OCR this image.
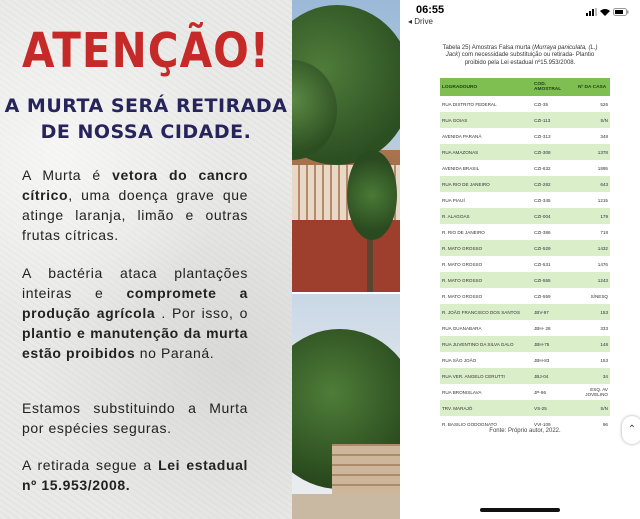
ATENÇÃO!
A MURTA SERÁ RETIRADA
DE NOSSA CIDADE.
A Murta é vetora do cancro cítrico, uma doença grave que atinge laranja, limão e outras frutas cítricas.
A bactéria ataca plantações inteiras e compromete a produção agrícola . Por isso, o plantio e manutenção da murta estão proibidos no Paraná.
Estamos substituindo a Murta por espécies seguras.
A retirada segue a Lei estadual nº 15.953/2008.
06:55
◂ Drive
Tabela 25) Amostras Falsa murta (Murraya paniculata, (L.) Jack) com necessidade substituição ou retirada- Plantio proibido pela Lei estadual nº15.953/2008.
LOGRADOURO	COD. AMOSTRAL	Nº DA CASA
RUA DISTRITO FEDERAL	CZI-35	526
RUA GOIAS	CZI-113	S/N
AVENIDA PARANÁ	CZI-313	348
RUA AMAZONAS	CZI-308	1378
AVENIDA BRASIL	CZI-632	1895
RUA RIO DE JANEIRO	CZI-282	643
RUA PIAUÍ	CZI-345	1215
R. ALAGOAS	CZI-004	179
R. RIO DE JANEIRO	CZI-386	718
R. MATO GROSSO	CZI-529	1432
R. MATO GROSSO	CZI-531	1476
R. MATO GROSSO	CZI-555	1243
R. MATO GROSSO	CZI-559	S/NESQ
R. JOÃO FRANCISCO DOS SANTOS	JBV-97	153
RUA GUANABARA	JBH- 28	333
RUA JUVENTINO DA SILVA GALO	JBH-75	148
RUA SÃO JOÃO	JBH-83	153
RUA VER. ANGELO CERUTTI	JBJ-04	34
RUA BRONISLAVA	JP-96	ESQ. AV JOVELINO
TRV. MARAJÓ	VS-25	S/N
R. BASILIO GODOGNATO	VVI-109	96
Fonte: Próprio autor, 2022.	⌃
